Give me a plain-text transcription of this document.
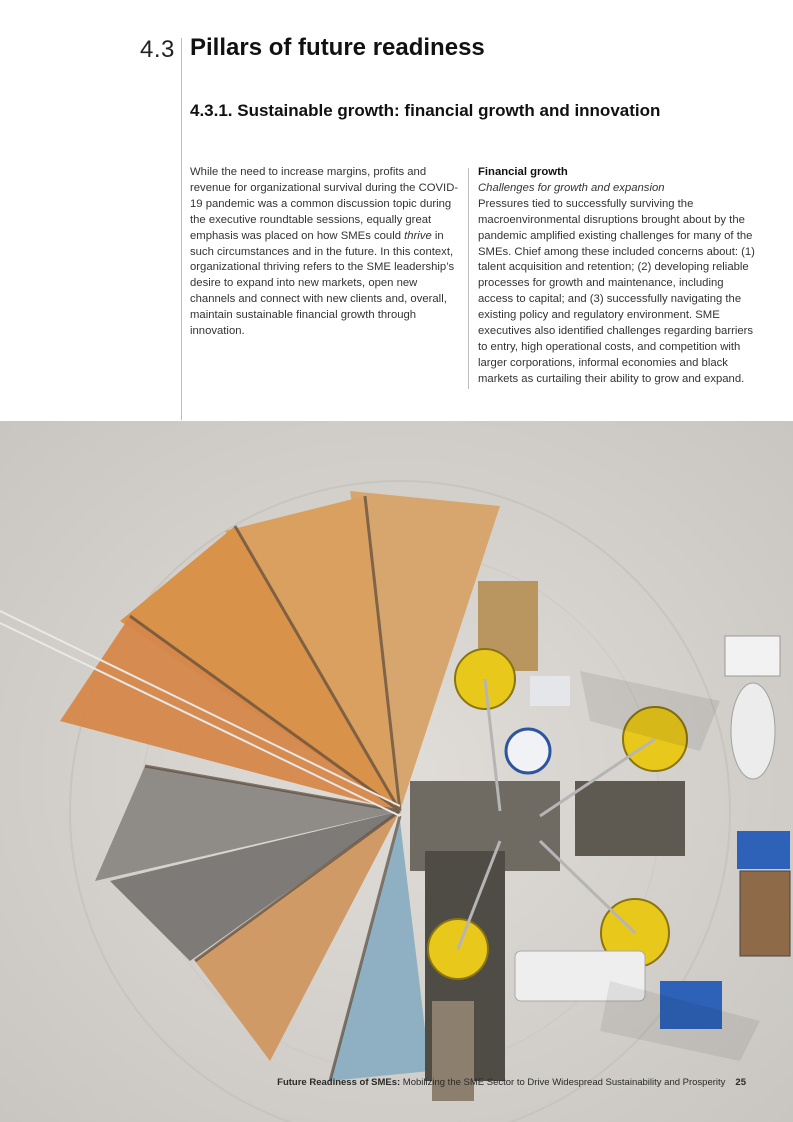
4.3 Pillars of future readiness
4.3.1. Sustainable growth: financial growth and innovation

While the need to increase margins, profits and revenue for organizational survival during the COVID-19 pandemic was a common discussion topic during the executive roundtable sessions, equally great emphasis was placed on how SMEs could thrive in such circumstances and in the future. In this context, organizational thriving refers to the SME leadership’s desire to expand into new markets, open new channels and connect with new clients and, overall, maintain sustainable financial growth through innovation.

Financial growth

Challenges for growth and expansion

Pressures tied to successfully surviving the macroenvironmental disruptions brought about by the pandemic amplified existing challenges for many of the SMEs. Chief among these included concerns about: (1) talent acquisition and retention; (2) developing reliable processes for growth and maintenance, including access to capital; and (3) successfully navigating the existing policy and regulatory environment. SME executives also identified challenges regarding barriers to entry, high operational costs, and competition with larger corporations, informal economies and black markets as curtailing their ability to grow and expand.

Future Readiness of SMEs: Mobilizing the SME Sector to Drive Widespread Sustainability and Prosperity 25
